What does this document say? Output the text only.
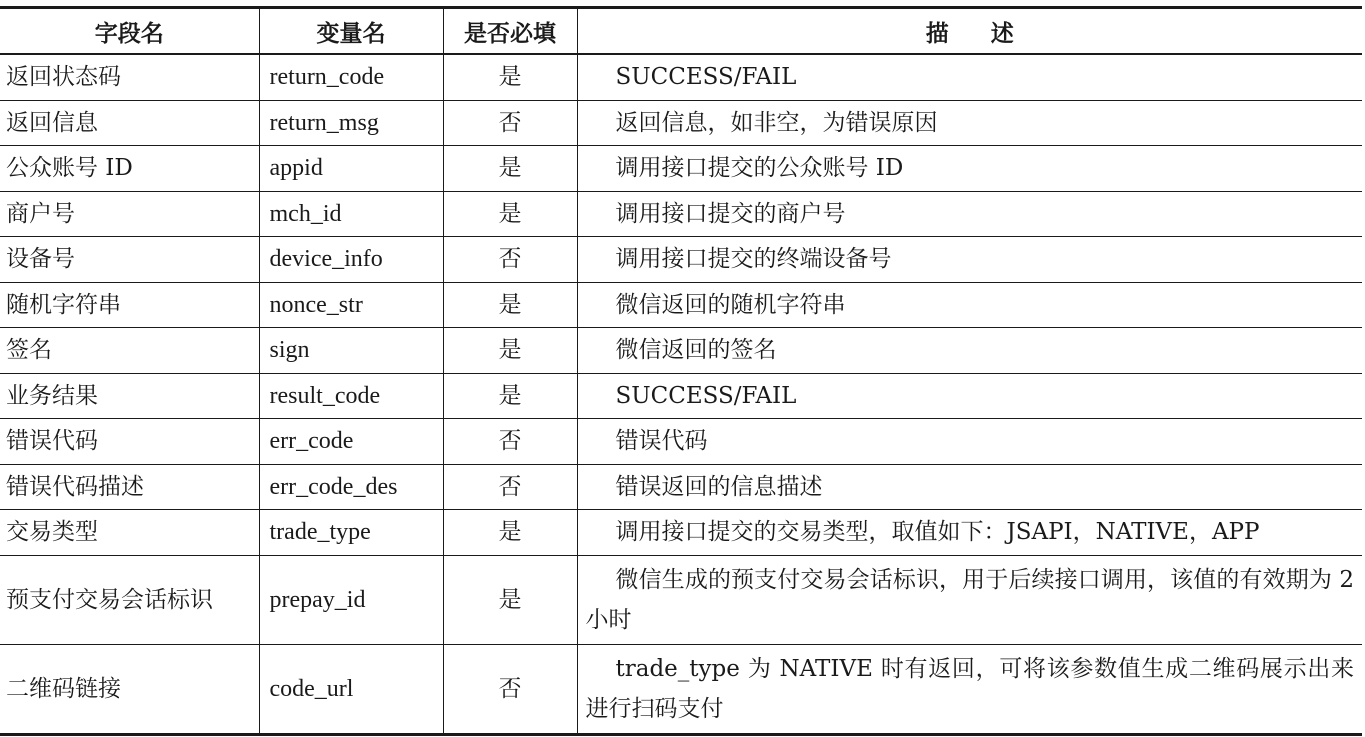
字段名	变量名	是否必填	描述
返回状态码	return_code	是	SUCCESS/FAIL
返回信息	return_msg	否	返回信息，如非空，为错误原因
公众账号 ID	appid	是	调用接口提交的公众账号 ID
商户号	mch_id	是	调用接口提交的商户号
设备号	device_info	否	调用接口提交的终端设备号
随机字符串	nonce_str	是	微信返回的随机字符串
签名	sign	是	微信返回的签名
业务结果	result_code	是	SUCCESS/FAIL
错误代码	err_code	否	错误代码
错误代码描述	err_code_des	否	错误返回的信息描述
交易类型	trade_type	是	调用接口提交的交易类型，取值如下：JSAPI，NATIVE，APP
预支付交易会话标识	prepay_id	是	微信生成的预支付交易会话标识，用于后续接口调用，该值的有效期为 2 小时
二维码链接	code_url	否	trade_type 为 NATIVE 时有返回，可将该参数值生成二维码展示出来进行扫码支付
